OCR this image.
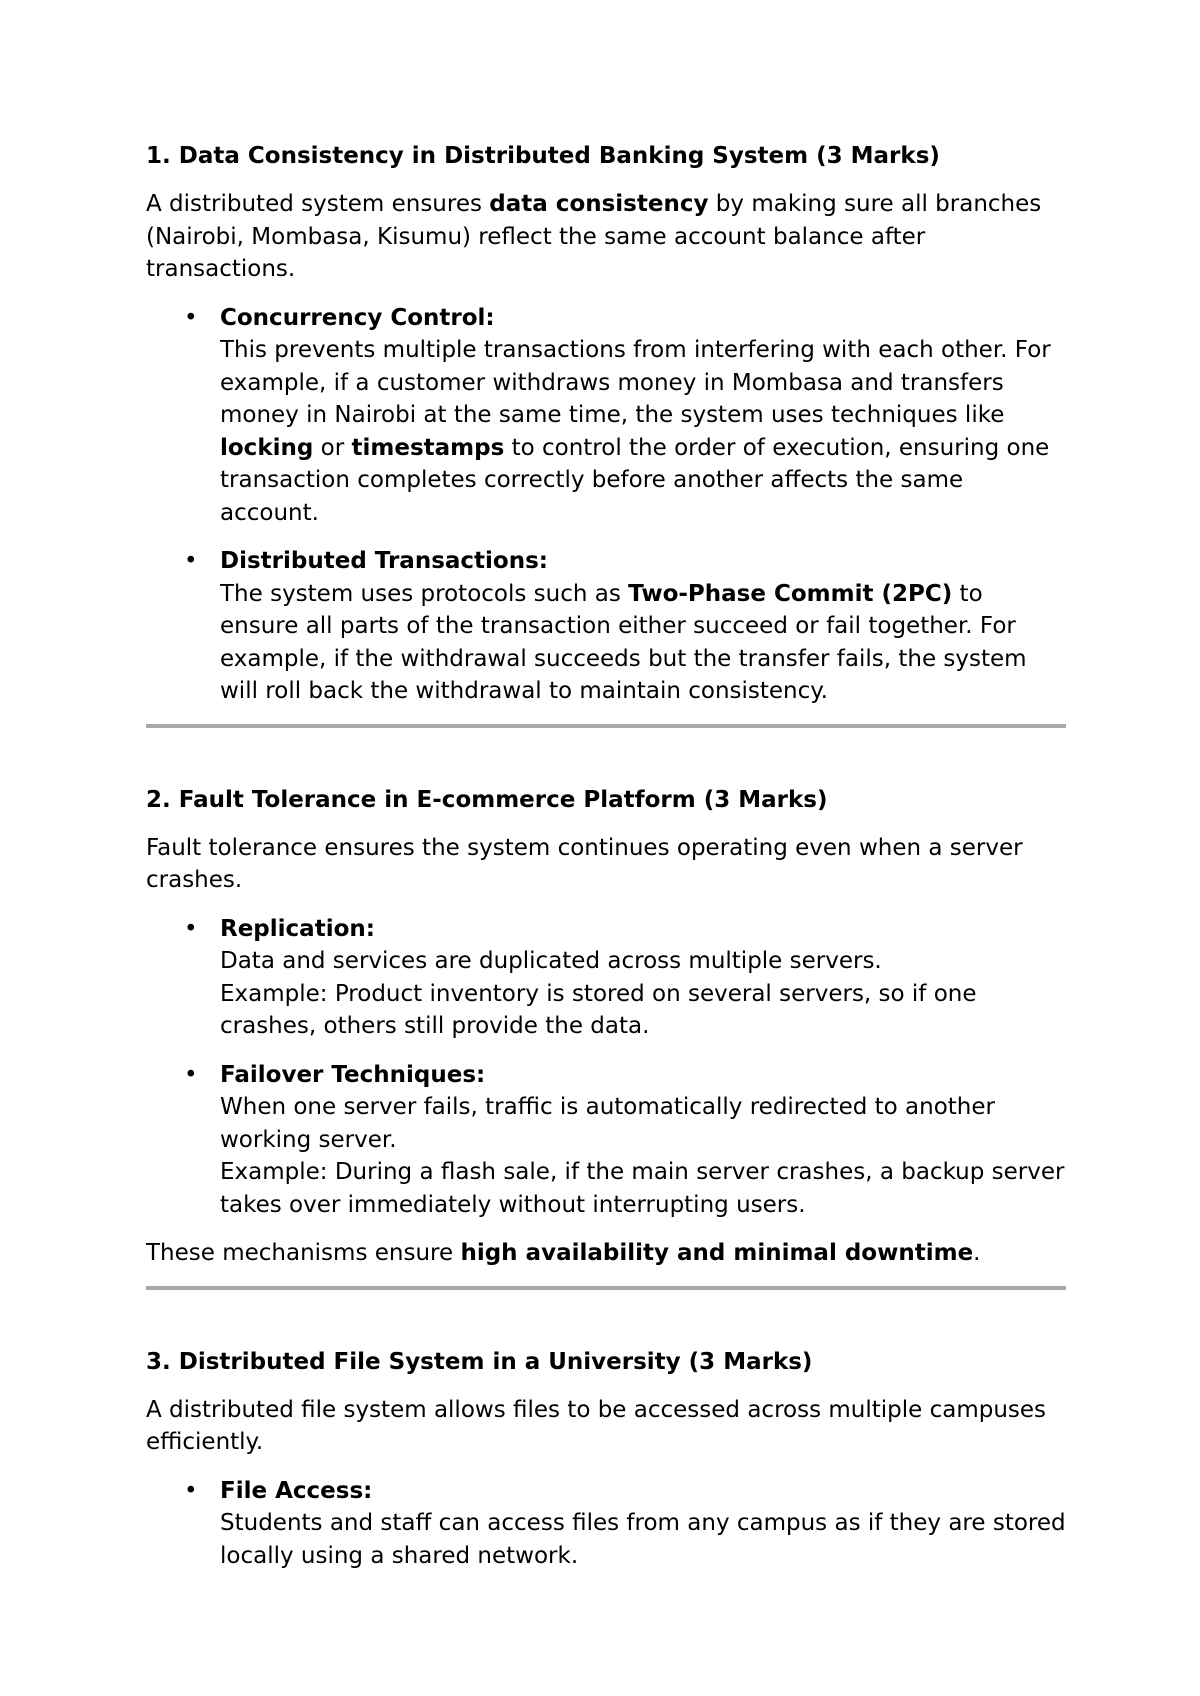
1. Data Consistency in Distributed Banking System (3 Marks)

A distributed system ensures data consistency by making sure all branches (Nairobi, Mombasa, Kisumu) reflect the same account balance after transactions.

• Concurrency Control:
This prevents multiple transactions from interfering with each other. For example, if a customer withdraws money in Mombasa and transfers money in Nairobi at the same time, the system uses techniques like locking or timestamps to control the order of execution, ensuring one transaction completes correctly before another affects the same account.
• Distributed Transactions:
The system uses protocols such as Two-Phase Commit (2PC) to ensure all parts of the transaction either succeed or fail together. For example, if the withdrawal succeeds but the transfer fails, the system will roll back the withdrawal to maintain consistency.
2. Fault Tolerance in E-commerce Platform (3 Marks)

Fault tolerance ensures the system continues operating even when a server crashes.

• Replication:
Data and services are duplicated across multiple servers.
Example: Product inventory is stored on several servers, so if one crashes, others still provide the data.
• Failover Techniques:
When one server fails, traffic is automatically redirected to another working server.
Example: During a flash sale, if the main server crashes, a backup server takes over immediately without interrupting users.

These mechanisms ensure high availability and minimal downtime.

3. Distributed File System in a University (3 Marks)

A distributed file system allows files to be accessed across multiple campuses efficiently.

• File Access:
Students and staff can access files from any campus as if they are stored locally using a shared network.
